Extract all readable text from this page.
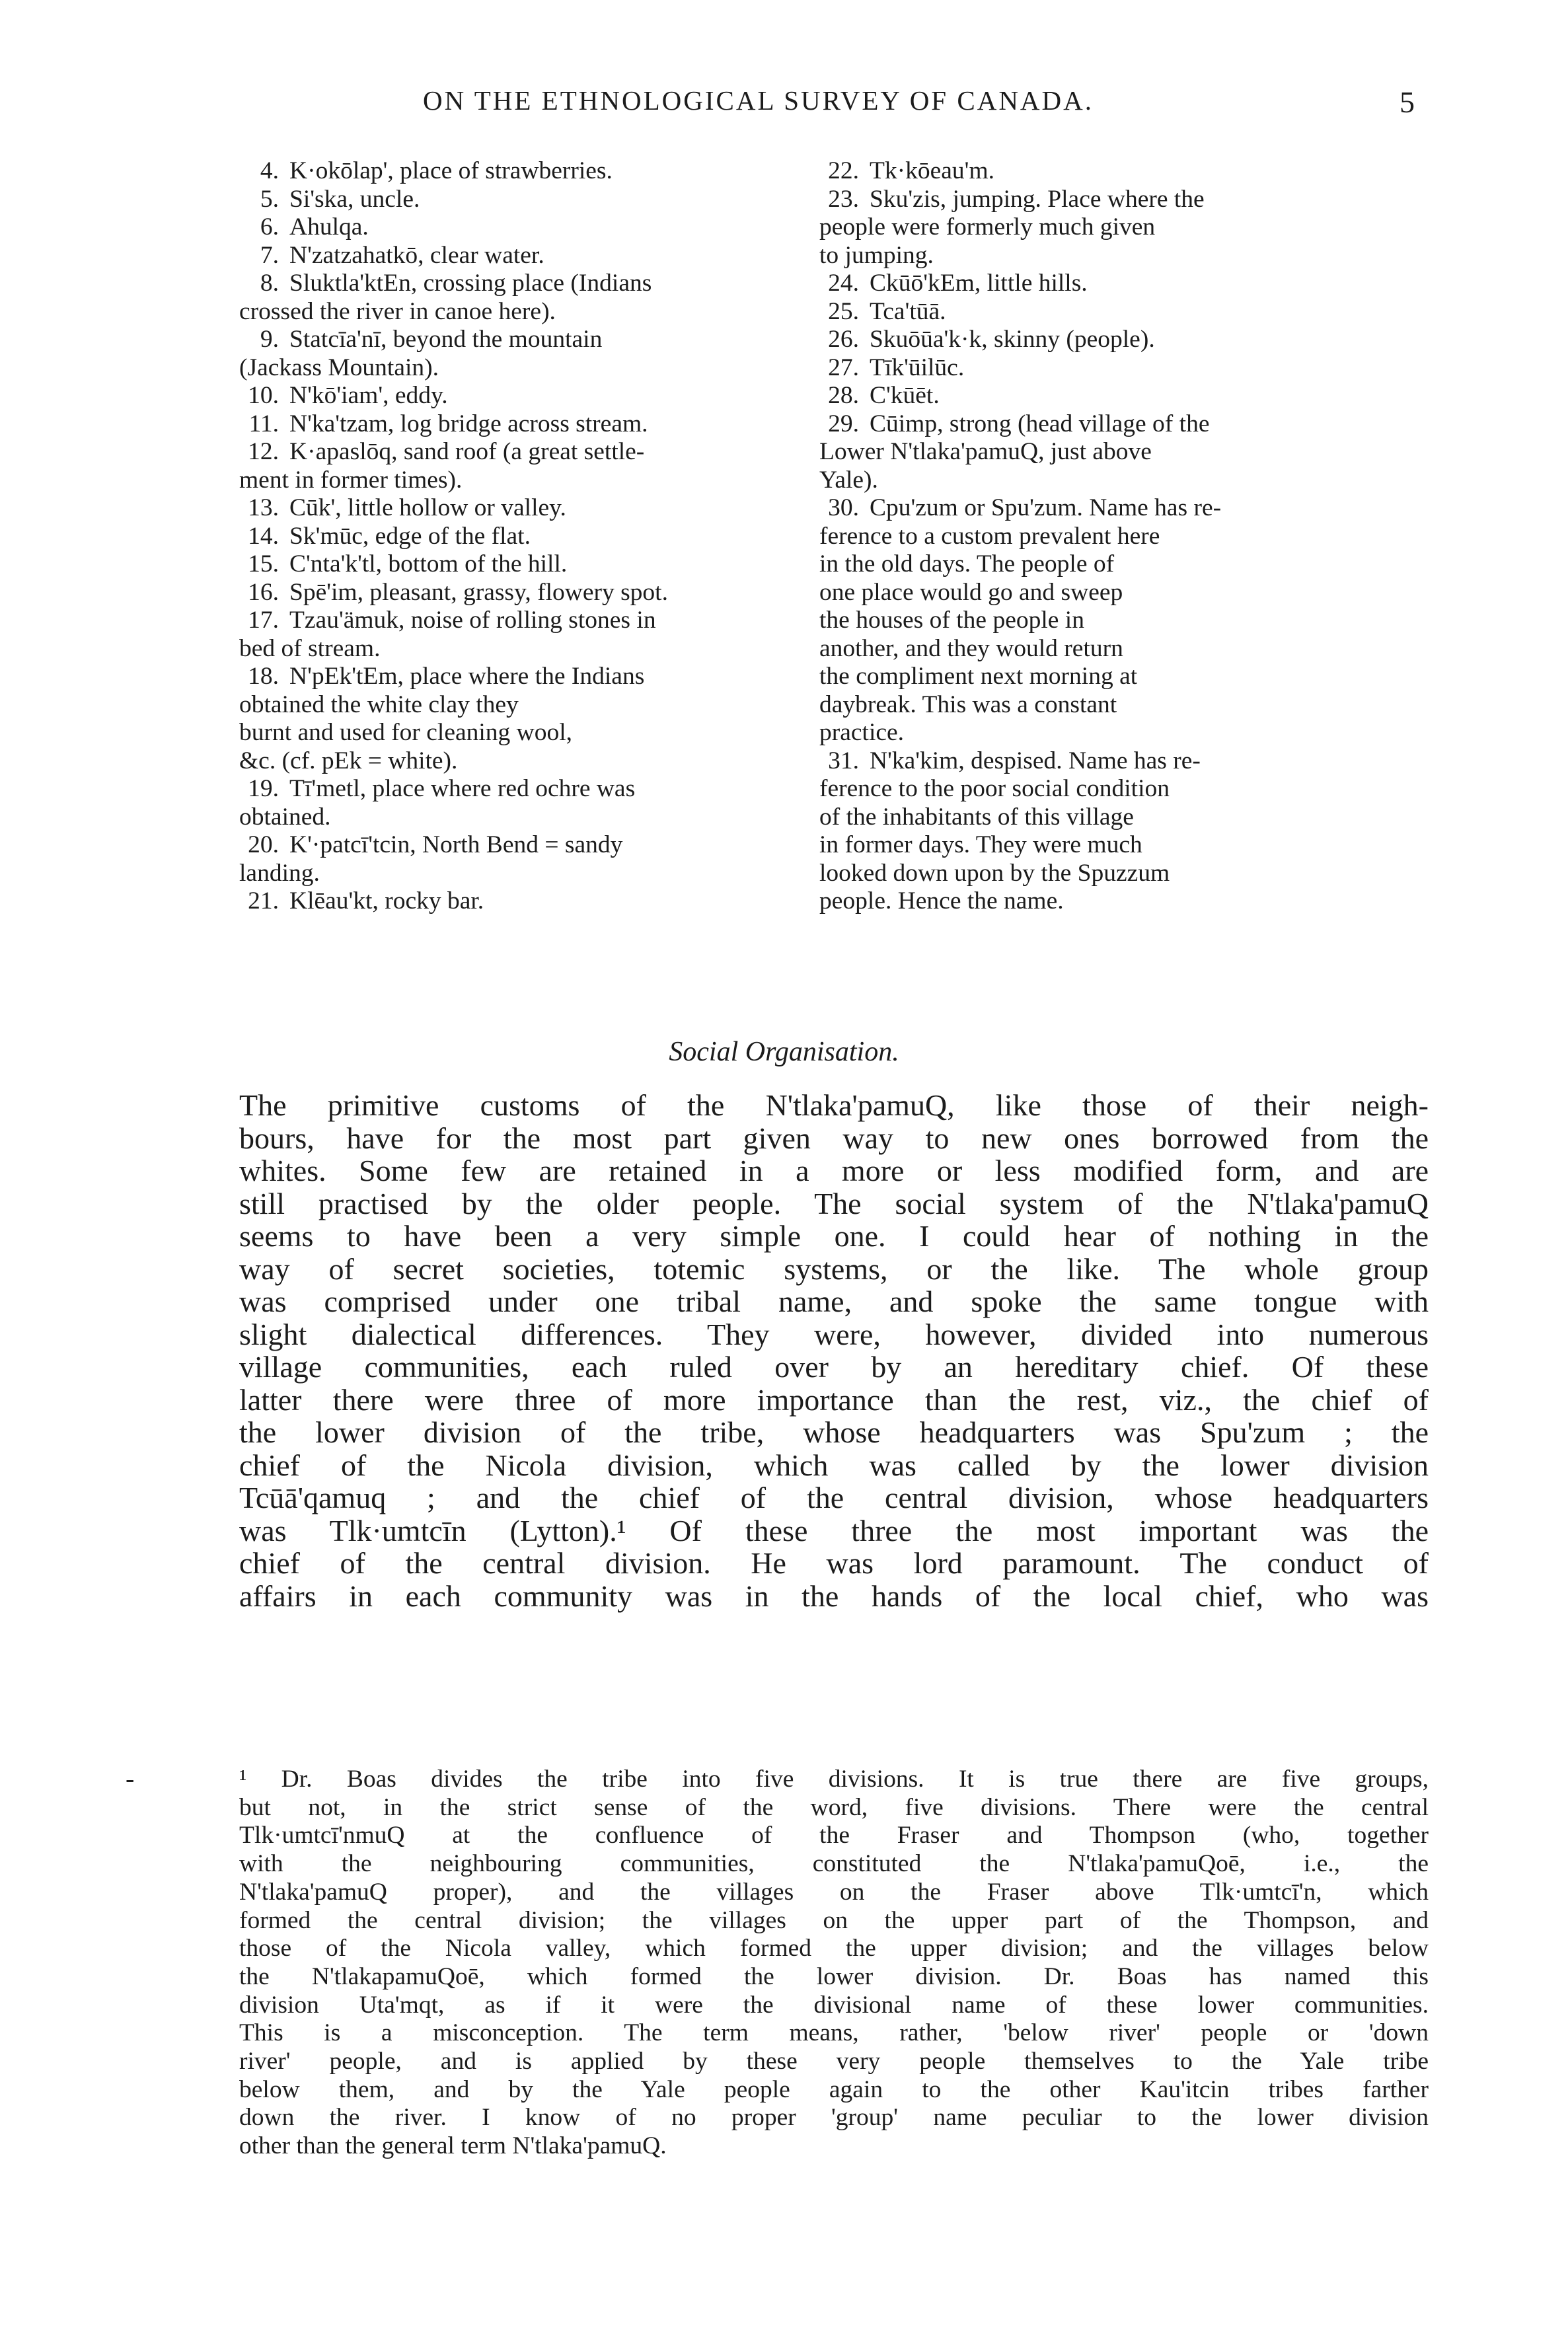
ON THE ETHNOLOGICAL SURVEY OF CANADA.	5
4. K·okōlap', place of strawberries.
5. Si'ska, uncle.
6. Ahulqa.
7. N'zatzahatkō, clear water.
8. Sluktla'ktEn, crossing place (Indians
crossed the river in canoe here).
9. Statcīa'nī, beyond the mountain
(Jackass Mountain).
10. N'kō'iam', eddy.
11. N'ka'tzam, log bridge across stream.
12. K·apaslōq, sand roof (a great settle-
ment in former times).
13. Cūk', little hollow or valley.
14. Sk'mūc, edge of the flat.
15. C'nta'k'tl, bottom of the hill.
16. Spē'im, pleasant, grassy, flowery spot.
17. Tzau'ämuk, noise of rolling stones in
bed of stream.
18. N'pEk'tEm, place where the Indians
obtained the white clay they
burnt and used for cleaning wool,
&c. (cf. pEk = white).
19. Tī'metl, place where red ochre was
obtained.
20. K'·patcī'tcin, North Bend = sandy
landing.
21. Klēau'kt, rocky bar.
22. Tk·kōeau'm.
23. Sku'zis, jumping. Place where the
people were formerly much given
to jumping.
24. Ckūō'kEm, little hills.
25. Tca'tūā.
26. Skuōūa'k·k, skinny (people).
27. Tīk'ūilūc.
28. C'kūēt.
29. Cūimp, strong (head village of the
Lower N'tlaka'pamuQ, just above
Yale).
30. Cpu'zum or Spu'zum. Name has re-
ference to a custom prevalent here
in the old days. The people of
one place would go and sweep
the houses of the people in
another, and they would return
the compliment next morning at
daybreak. This was a constant
practice.
31. N'ka'kim, despised. Name has re-
ference to the poor social condition
of the inhabitants of this village
in former days. They were much
looked down upon by the Spuzzum
people. Hence the name.
Social Organisation.
The primitive customs of the N'tlaka'pamuQ, like those of their neigh-
bours, have for the most part given way to new ones borrowed from the
whites. Some few are retained in a more or less modified form, and are
still practised by the older people. The social system of the N'tlaka'pamuQ
seems to have been a very simple one. I could hear of nothing in the
way of secret societies, totemic systems, or the like. The whole group
was comprised under one tribal name, and spoke the same tongue with
slight dialectical differences. They were, however, divided into numerous
village communities, each ruled over by an hereditary chief. Of these
latter there were three of more importance than the rest, viz., the chief of
the lower division of the tribe, whose headquarters was Spu'zum ; the
chief of the Nicola division, which was called by the lower division
Tcūā'qamuq ; and the chief of the central division, whose headquarters
was Tlk·umtcīn (Lytton).¹ Of these three the most important was the
chief of the central division. He was lord paramount. The conduct of
affairs in each community was in the hands of the local chief, who was
-	¹ Dr. Boas divides the tribe into five divisions. It is true there are five groups,
but not, in the strict sense of the word, five divisions. There were the central
Tlk·umtcī'nmuQ at the confluence of the Fraser and Thompson (who, together
with the neighbouring communities, constituted the N'tlaka'pamuQoē, i.e., the
N'tlaka'pamuQ proper), and the villages on the Fraser above Tlk·umtcī'n, which
formed the central division; the villages on the upper part of the Thompson, and
those of the Nicola valley, which formed the upper division; and the villages below
the N'tlakapamuQoē, which formed the lower division. Dr. Boas has named this
division Uta'mqt, as if it were the divisional name of these lower communities.
This is a misconception. The term means, rather, 'below river' people or 'down
river' people, and is applied by these very people themselves to the Yale tribe
below them, and by the Yale people again to the other Kau'itcin tribes farther
down the river. I know of no proper 'group' name peculiar to the lower division
other than the general term N'tlaka'pamuQ.
